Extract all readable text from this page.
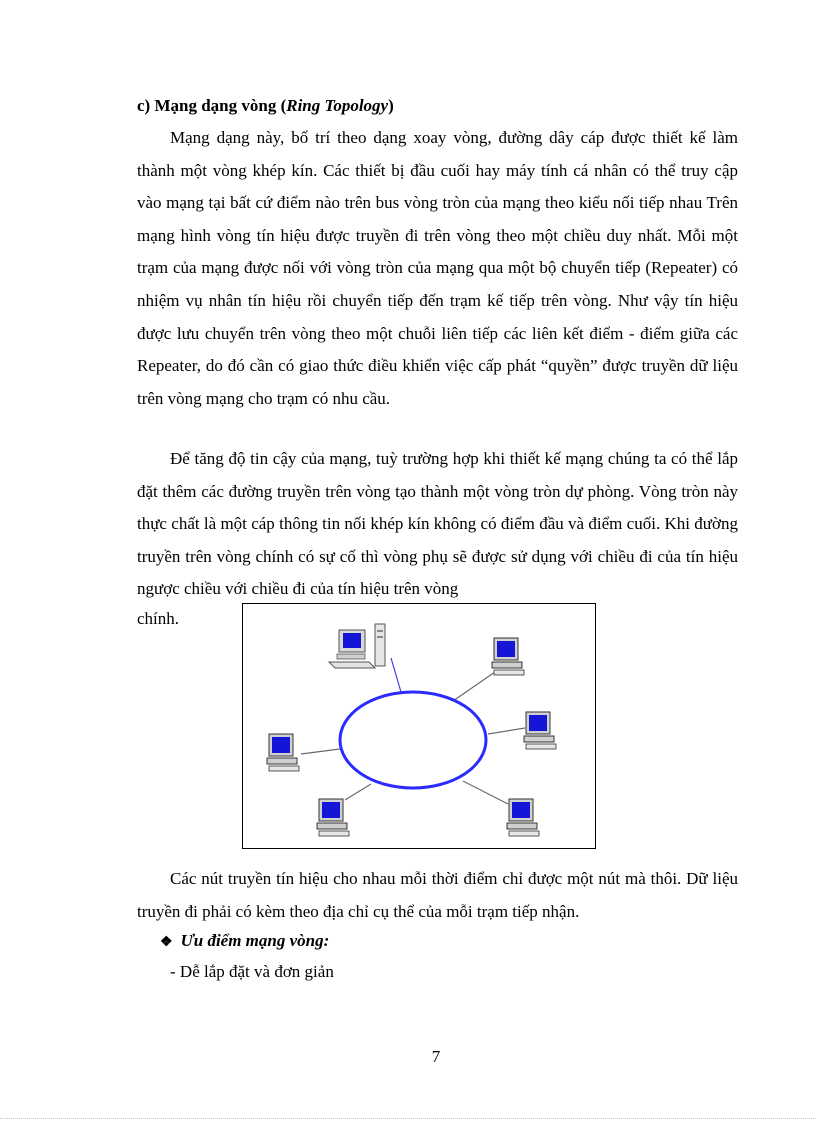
c) Mạng dạng vòng (Ring Topology)

Mạng dạng này, bố trí theo dạng xoay vòng, đường dây cáp được thiết kế làm thành một vòng khép kín. Các thiết bị đầu cuối hay máy tính cá nhân có thể truy cập vào mạng tại bất cứ điểm nào trên bus vòng tròn của mạng theo kiểu nối tiếp nhau Trên mạng hình vòng tín hiệu được truyền đi trên vòng theo một chiều duy nhất. Mỗi một trạm của mạng được nối với vòng tròn của mạng qua một bộ chuyển tiếp (Repeater) có nhiệm vụ nhân tín hiệu rồi chuyển tiếp đến trạm kế tiếp trên vòng. Như vậy tín hiệu được lưu chuyển trên vòng theo một chuỗi liên tiếp các liên kết điểm - điểm giữa các Repeater, do đó cần có giao thức điều khiển việc cấp phát “quyền” được truyền dữ liệu trên vòng mạng cho trạm có nhu cầu.

Để tăng độ tin cậy của mạng, tuỳ trường hợp khi thiết kế mạng chúng ta có thể lắp đặt thêm các đường truyền trên vòng tạo thành một vòng tròn dự phòng. Vòng tròn này thực chất là một cáp thông tin nối khép kín không có điểm đầu và điểm cuối. Khi đường truyền trên vòng chính có sự cố thì vòng phụ sẽ được sử dụng với chiều đi của tín hiệu ngược chiều với chiều đi của tín hiệu trên vòng

chính.

Các nút truyền tín hiệu cho nhau mỗi thời điểm chỉ được một nút mà thôi. Dữ liệu truyền đi phải có kèm theo địa chỉ cụ thể của mỗi trạm tiếp nhận.

❖ Ưu điểm mạng vòng:
- Dễ lắp đặt và đơn giản
7
